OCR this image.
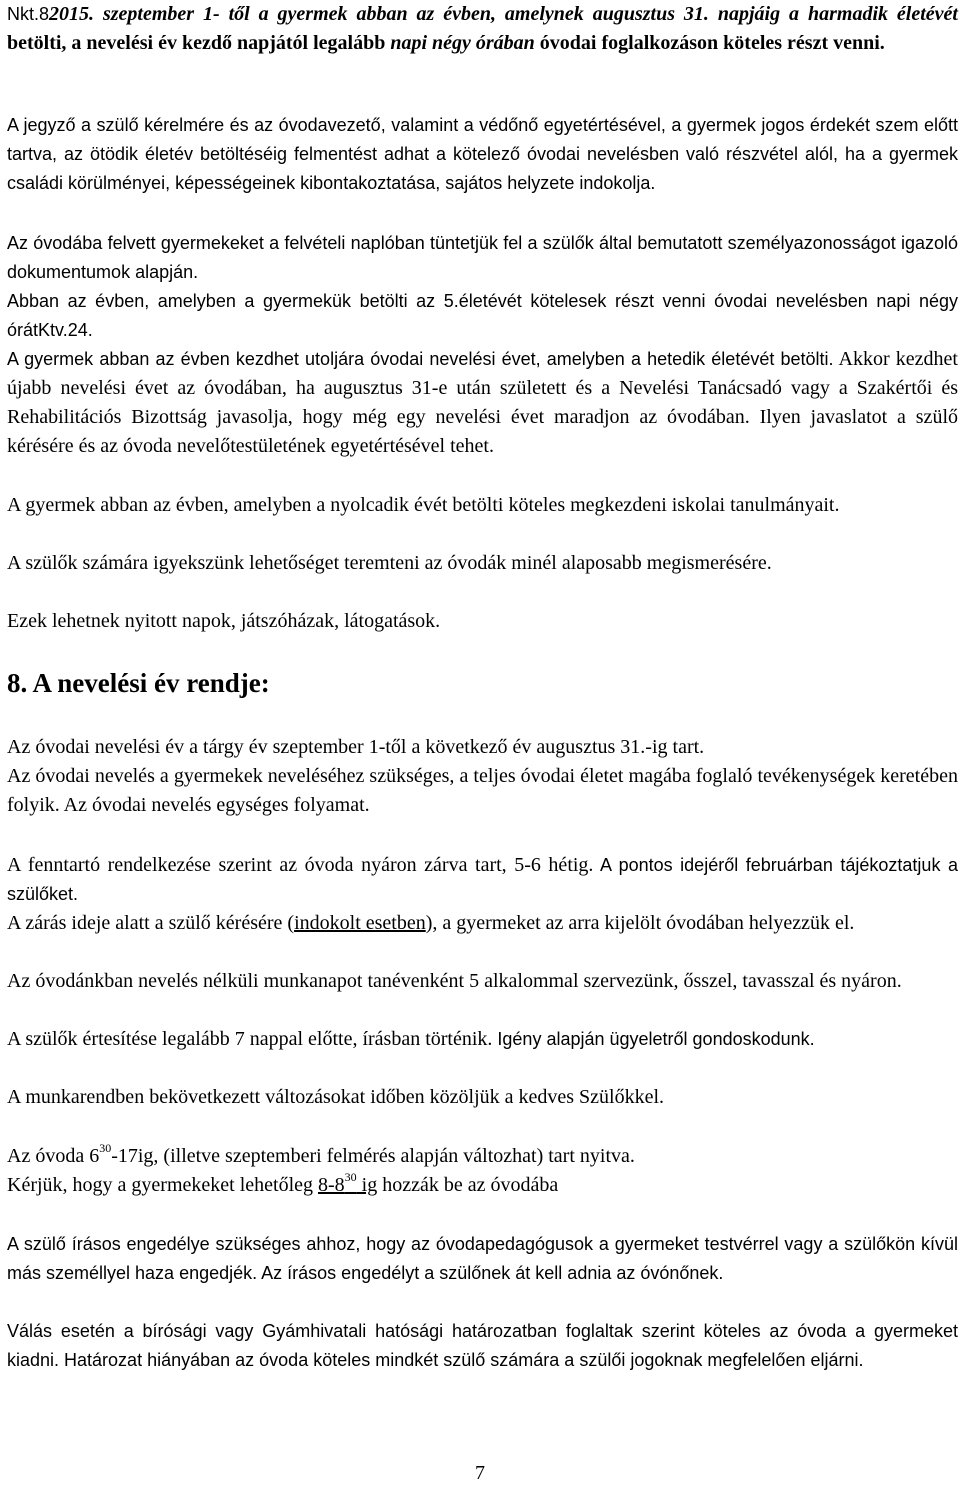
Nkt.82015. szeptember 1- től a gyermek abban az évben, amelynek augusztus 31. napjáig a harmadik életévét betölti, a nevelési év kezdő napjától legalább napi négy órában óvodai foglalkozáson köteles részt venni.

A jegyző a szülő kérelmére és az óvodavezető, valamint a védőnő egyetértésével, a gyermek jogos érdekét szem előtt tartva, az ötödik életév betöltéséig felmentést adhat a kötelező óvodai nevelésben való részvétel alól, ha a gyermek családi körülményei, képességeinek kibontakoztatása, sajátos helyzete indokolja.

Az óvodába felvett gyermekeket a felvételi naplóban tüntetjük fel a szülők által bemutatott személyazonosságot igazoló dokumentumok alapján.

Abban az évben, amelyben a gyermekük betölti az 5.életévét kötelesek részt venni óvodai nevelésben napi négy órátKtv.24.

A gyermek abban az évben kezdhet utoljára óvodai nevelési évet, amelyben a hetedik életévét betölti. Akkor kezdhet újabb nevelési évet az óvodában, ha augusztus 31-e után született és a Nevelési Tanácsadó vagy a Szakértői és Rehabilitációs Bizottság javasolja, hogy még egy nevelési évet maradjon az óvodában. Ilyen javaslatot a szülő kérésére és az óvoda nevelőtestületének egyetértésével tehet.

A gyermek abban az évben, amelyben a nyolcadik évét betölti köteles megkezdeni iskolai tanulmányait.

A szülők számára igyekszünk lehetőséget teremteni az óvodák minél alaposabb megismerésére.

Ezek lehetnek nyitott napok, játszóházak, látogatások.

8. A nevelési év rendje:

Az óvodai nevelési év a tárgy év szeptember 1-től a következő év augusztus 31.-ig tart.

Az óvodai nevelés a gyermekek neveléséhez szükséges, a teljes óvodai életet magába foglaló tevékenységek keretében folyik. Az óvodai nevelés egységes folyamat.

A fenntartó rendelkezése szerint az óvoda nyáron zárva tart, 5-6 hétig. A pontos idejéről februárban tájékoztatjuk a szülőket.

A zárás ideje alatt a szülő kérésére (indokolt esetben), a gyermeket az arra kijelölt óvodában helyezzük el.

Az óvodánkban nevelés nélküli munkanapot tanévenként 5 alkalommal szervezünk, ősszel, tavasszal és nyáron.

A szülők értesítése legalább 7 nappal előtte, írásban történik. Igény alapján ügyeletről gondoskodunk.

A munkarendben bekövetkezett változásokat időben közöljük a kedves Szülőkkel.

Az óvoda $6^{30}-17ig$, (illetve szeptemberi felmérés alapján változhat) tart nyitva.

Kérjük, hogy a gyermekeket lehetőleg $8-8^{30}$ ig hozzák be az óvodába

A szülő írásos engedélye szükséges ahhoz, hogy az óvodapedagógusok a gyermeket testvérrel vagy a szülőkön kívül más személlyel haza engedjék. Az írásos engedélyt a szülőnek át kell adnia az óvónőnek.

Válás esetén a bírósági vagy Gyámhivatali hatósági határozatban foglaltak szerint köteles az óvoda a gyermeket kiadni. Határozat hiányában az óvoda köteles mindkét szülő számára a szülői jogoknak megfelelően eljárni.

7
